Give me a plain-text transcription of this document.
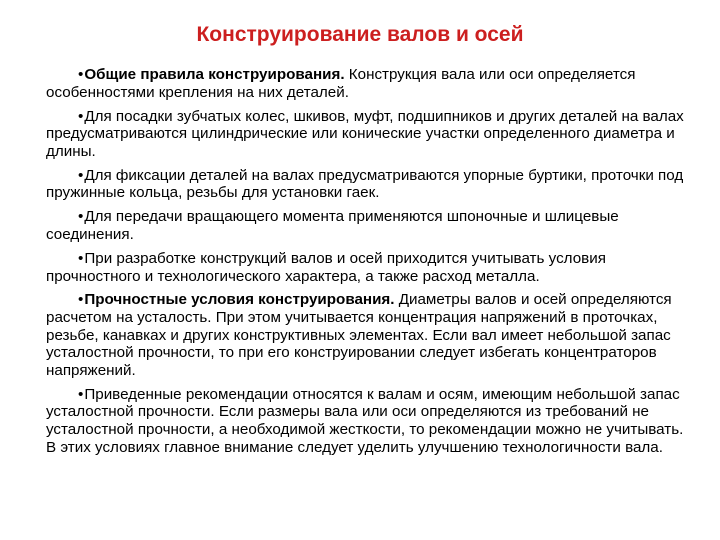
Конструирование валов и осей

•Общие правила конструирования. Конструкция вала или оси определяется особенностями крепления на них деталей.

•Для посадки зубчатых колес, шкивов, муфт, подшипников и других деталей на валах предусматриваются цилиндрические или конические участки определенного диаметра и длины.

•Для фиксации деталей на валах предусматриваются упорные буртики, проточки под пружинные кольца, резьбы для установки гаек.

•Для передачи вращающего момента применяются шпоночные и шлицевые соединения.

•При разработке конструкций валов и осей приходится учитывать условия прочностного и технологического характера, а также расход металла.

•Прочностные условия конструирования. Диаметры валов и осей определяются расчетом на усталость. При этом учитывается концентрация напряжений в проточках, резьбе, канавках и других конструктивных элементах. Если вал имеет небольшой запас усталостной прочности, то при его конструировании следует избегать концентраторов напряжений.

•Приведенные рекомендации относятся к валам и осям, имеющим небольшой запас усталостной прочности. Если размеры вала или оси определяются из требований не усталостной прочности, а необходимой жесткости, то рекомендации можно не учитывать. В этих условиях главное внимание следует уделить улучшению технологичности вала.
